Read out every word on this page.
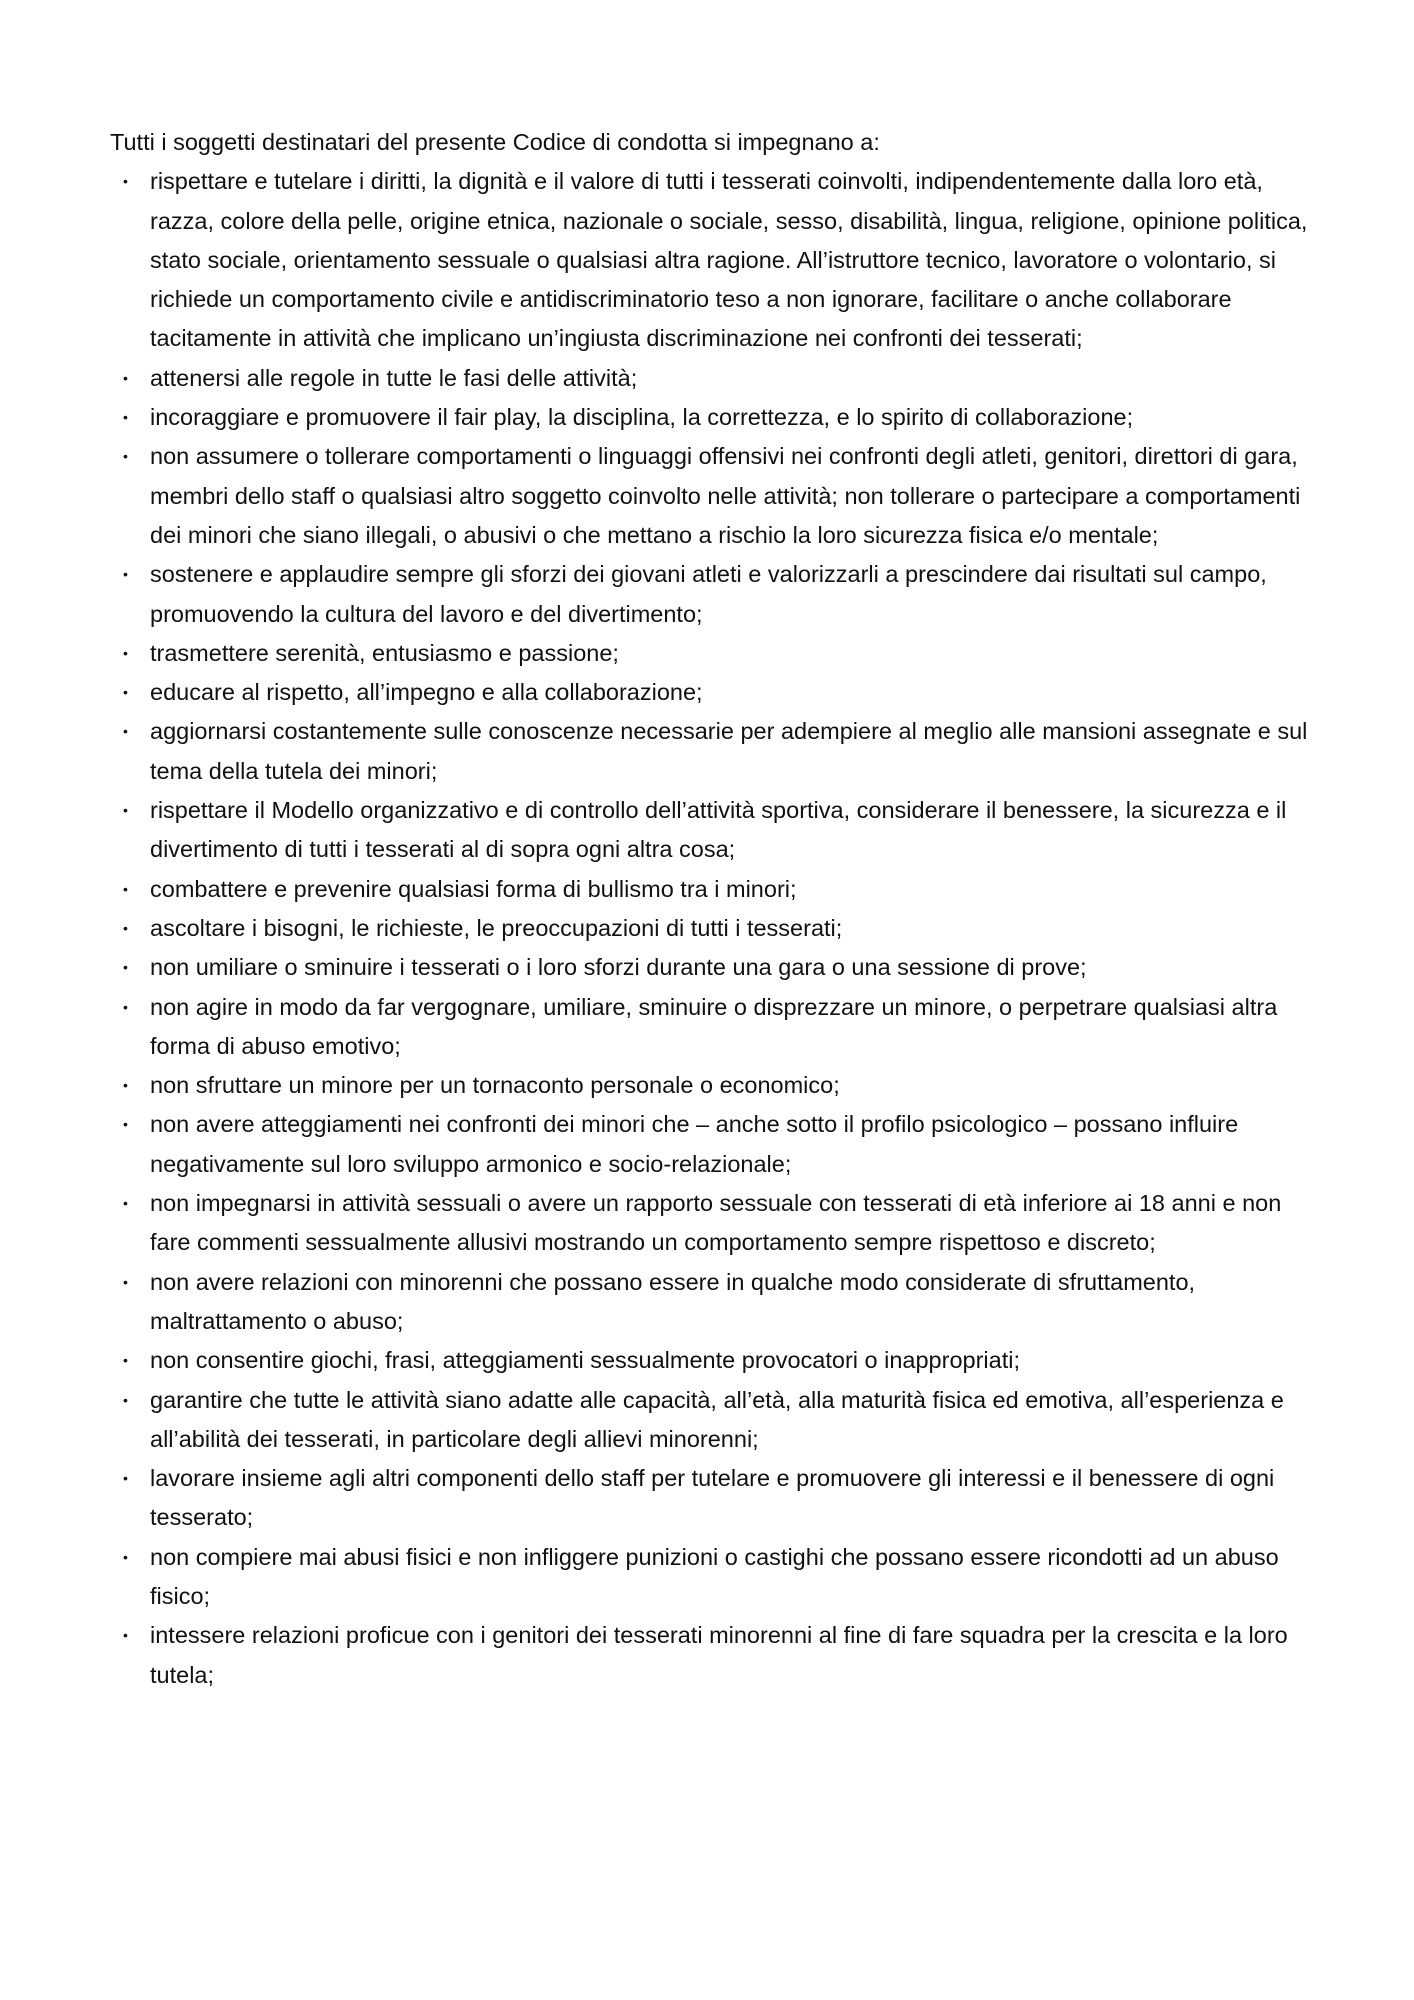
Tutti i soggetti destinatari del presente Codice di condotta si impegnano a:

• rispettare e tutelare i diritti, la dignità e il valore di tutti i tesserati coinvolti, indipendentemente dalla loro età, razza, colore della pelle, origine etnica, nazionale o sociale, sesso, disabilità, lingua, religione, opinione politica, stato sociale, orientamento sessuale o qualsiasi altra ragione. All’istruttore tecnico, lavoratore o volontario, si richiede un comportamento civile e antidiscriminatorio teso a non ignorare, facilitare o anche collaborare tacitamente in attività che implicano un’ingiusta discriminazione nei confronti dei tesserati;
• attenersi alle regole in tutte le fasi delle attività;
• incoraggiare e promuovere il fair play, la disciplina, la correttezza, e lo spirito di collaborazione;
• non assumere o tollerare comportamenti o linguaggi offensivi nei confronti degli atleti, genitori, direttori di gara, membri dello staff o qualsiasi altro soggetto coinvolto nelle attività; non tollerare o partecipare a comportamenti dei minori che siano illegali, o abusivi o che mettano a rischio la loro sicurezza fisica e/o mentale;
• sostenere e applaudire sempre gli sforzi dei giovani atleti e valorizzarli a prescindere dai risultati sul campo, promuovendo la cultura del lavoro e del divertimento;
• trasmettere serenità, entusiasmo e passione;
• educare al rispetto, all’impegno e alla collaborazione;
• aggiornarsi costantemente sulle conoscenze necessarie per adempiere al meglio alle mansioni assegnate e sul tema della tutela dei minori;
• rispettare il Modello organizzativo e di controllo dell’attività sportiva, considerare il benessere, la sicurezza e il divertimento di tutti i tesserati al di sopra ogni altra cosa;
• combattere e prevenire qualsiasi forma di bullismo tra i minori;
• ascoltare i bisogni, le richieste, le preoccupazioni di tutti i tesserati;
• non umiliare o sminuire i tesserati o i loro sforzi durante una gara o una sessione di prove;
• non agire in modo da far vergognare, umiliare, sminuire o disprezzare un minore, o perpetrare qualsiasi altra forma di abuso emotivo;
• non sfruttare un minore per un tornaconto personale o economico;
• non avere atteggiamenti nei confronti dei minori che – anche sotto il profilo psicologico – possano influire negativamente sul loro sviluppo armonico e socio-relazionale;
• non impegnarsi in attività sessuali o avere un rapporto sessuale con tesserati di età inferiore ai 18 anni e non fare commenti sessualmente allusivi mostrando un comportamento sempre rispettoso e discreto;
• non avere relazioni con minorenni che possano essere in qualche modo considerate di sfruttamento, maltrattamento o abuso;
• non consentire giochi, frasi, atteggiamenti sessualmente provocatori o inappropriati;
• garantire che tutte le attività siano adatte alle capacità, all’età, alla maturità fisica ed emotiva, all’esperienza e all’abilità dei tesserati, in particolare degli allievi minorenni;
• lavorare insieme agli altri componenti dello staff per tutelare e promuovere gli interessi e il benessere di ogni tesserato;
• non compiere mai abusi fisici e non infliggere punizioni o castighi che possano essere ricondotti ad un abuso fisico;
• intessere relazioni proficue con i genitori dei tesserati minorenni al fine di fare squadra per la crescita e la loro tutela;
